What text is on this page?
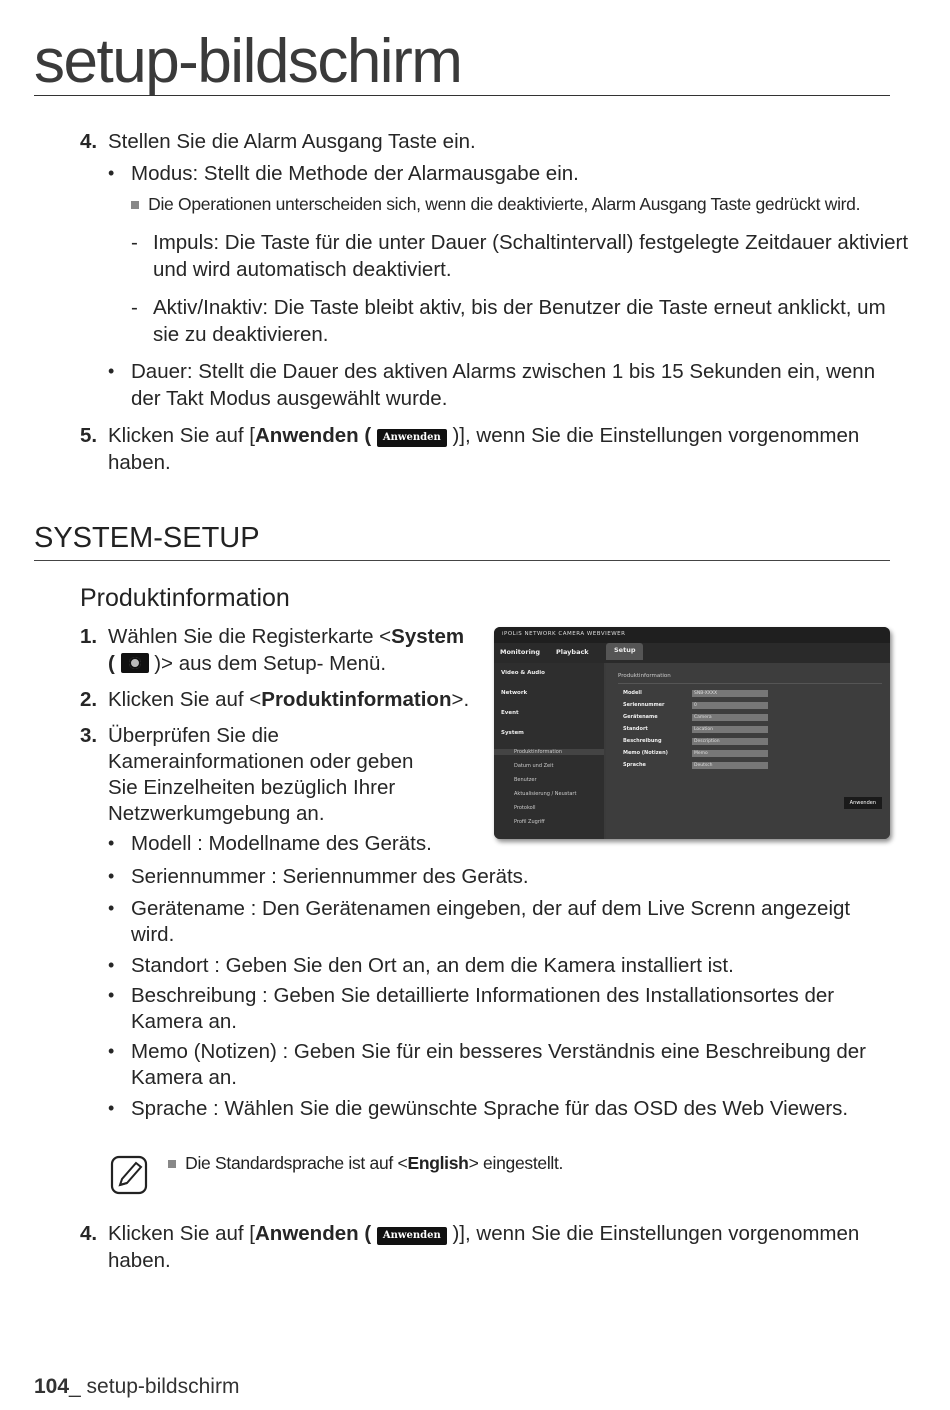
setup-bildschirm
4. Stellen Sie die Alarm Ausgang Taste ein.
• Modus: Stellt die Methode der Alarmausgabe ein.
Die Operationen unterscheiden sich, wenn die deaktivierte, Alarm Ausgang Taste gedrückt wird.
- Impuls: Die Taste für die unter Dauer (Schaltintervall) festgelegte Zeitdauer aktiviert
und wird automatisch deaktiviert.
- Aktiv/Inaktiv: Die Taste bleibt aktiv, bis der Benutzer die Taste erneut anklickt, um
sie zu deaktivieren.
• Dauer: Stellt die Dauer des aktiven Alarms zwischen 1 bis 15 Sekunden ein, wenn
der Takt Modus ausgewählt wurde.
5. Klicken Sie auf [Anwenden ( Anwenden )], wenn Sie die Einstellungen vorgenommen
haben.
SYSTEM-SETUP
Produktinformation
1. Wählen Sie die Registerkarte <System
( )> aus dem Setup- Menü.
2. Klicken Sie auf <Produktinformation>.
3. Überprüfen Sie die
Kamerainformationen oder geben
Sie Einzelheiten bezüglich Ihrer
Netzwerkumgebung an.
• Modell : Modellname des Geräts.
• Seriennummer : Seriennummer des Geräts.
• Gerätename : Den Gerätenamen eingeben, der auf dem Live Screnn angezeigt
wird.
• Standort : Geben Sie den Ort an, an dem die Kamera installiert ist.
• Beschreibung : Geben Sie detaillierte Informationen des Installationsortes der
Kamera an.
• Memo (Notizen) : Geben Sie für ein besseres Verständnis eine Beschreibung der
Kamera an.
• Sprache : Wählen Sie die gewünschte Sprache für das OSD des Web Viewers.
Die Standardsprache ist auf <English> eingestellt.
4. Klicken Sie auf [Anwenden ( Anwenden )], wenn Sie die Einstellungen vorgenommen
haben.
iPOLiS NETWORK CAMERA WEBVIEWER
Monitoring Playback	Setup
Video & Audio
Network
Event
System
Produktinformation
Datum und Zeit
Benutzer
Aktualisierung / Neustart
Protokoll
Profil Zugriff
Produktinformation
Modell	SNB-XXXX
Seriennummer	0
Gerätename	Camera
Standort	Location
Beschreibung	Description
Memo (Notizen)	Memo
Sprache	Deutsch
Anwenden
104_ setup-bildschirm
